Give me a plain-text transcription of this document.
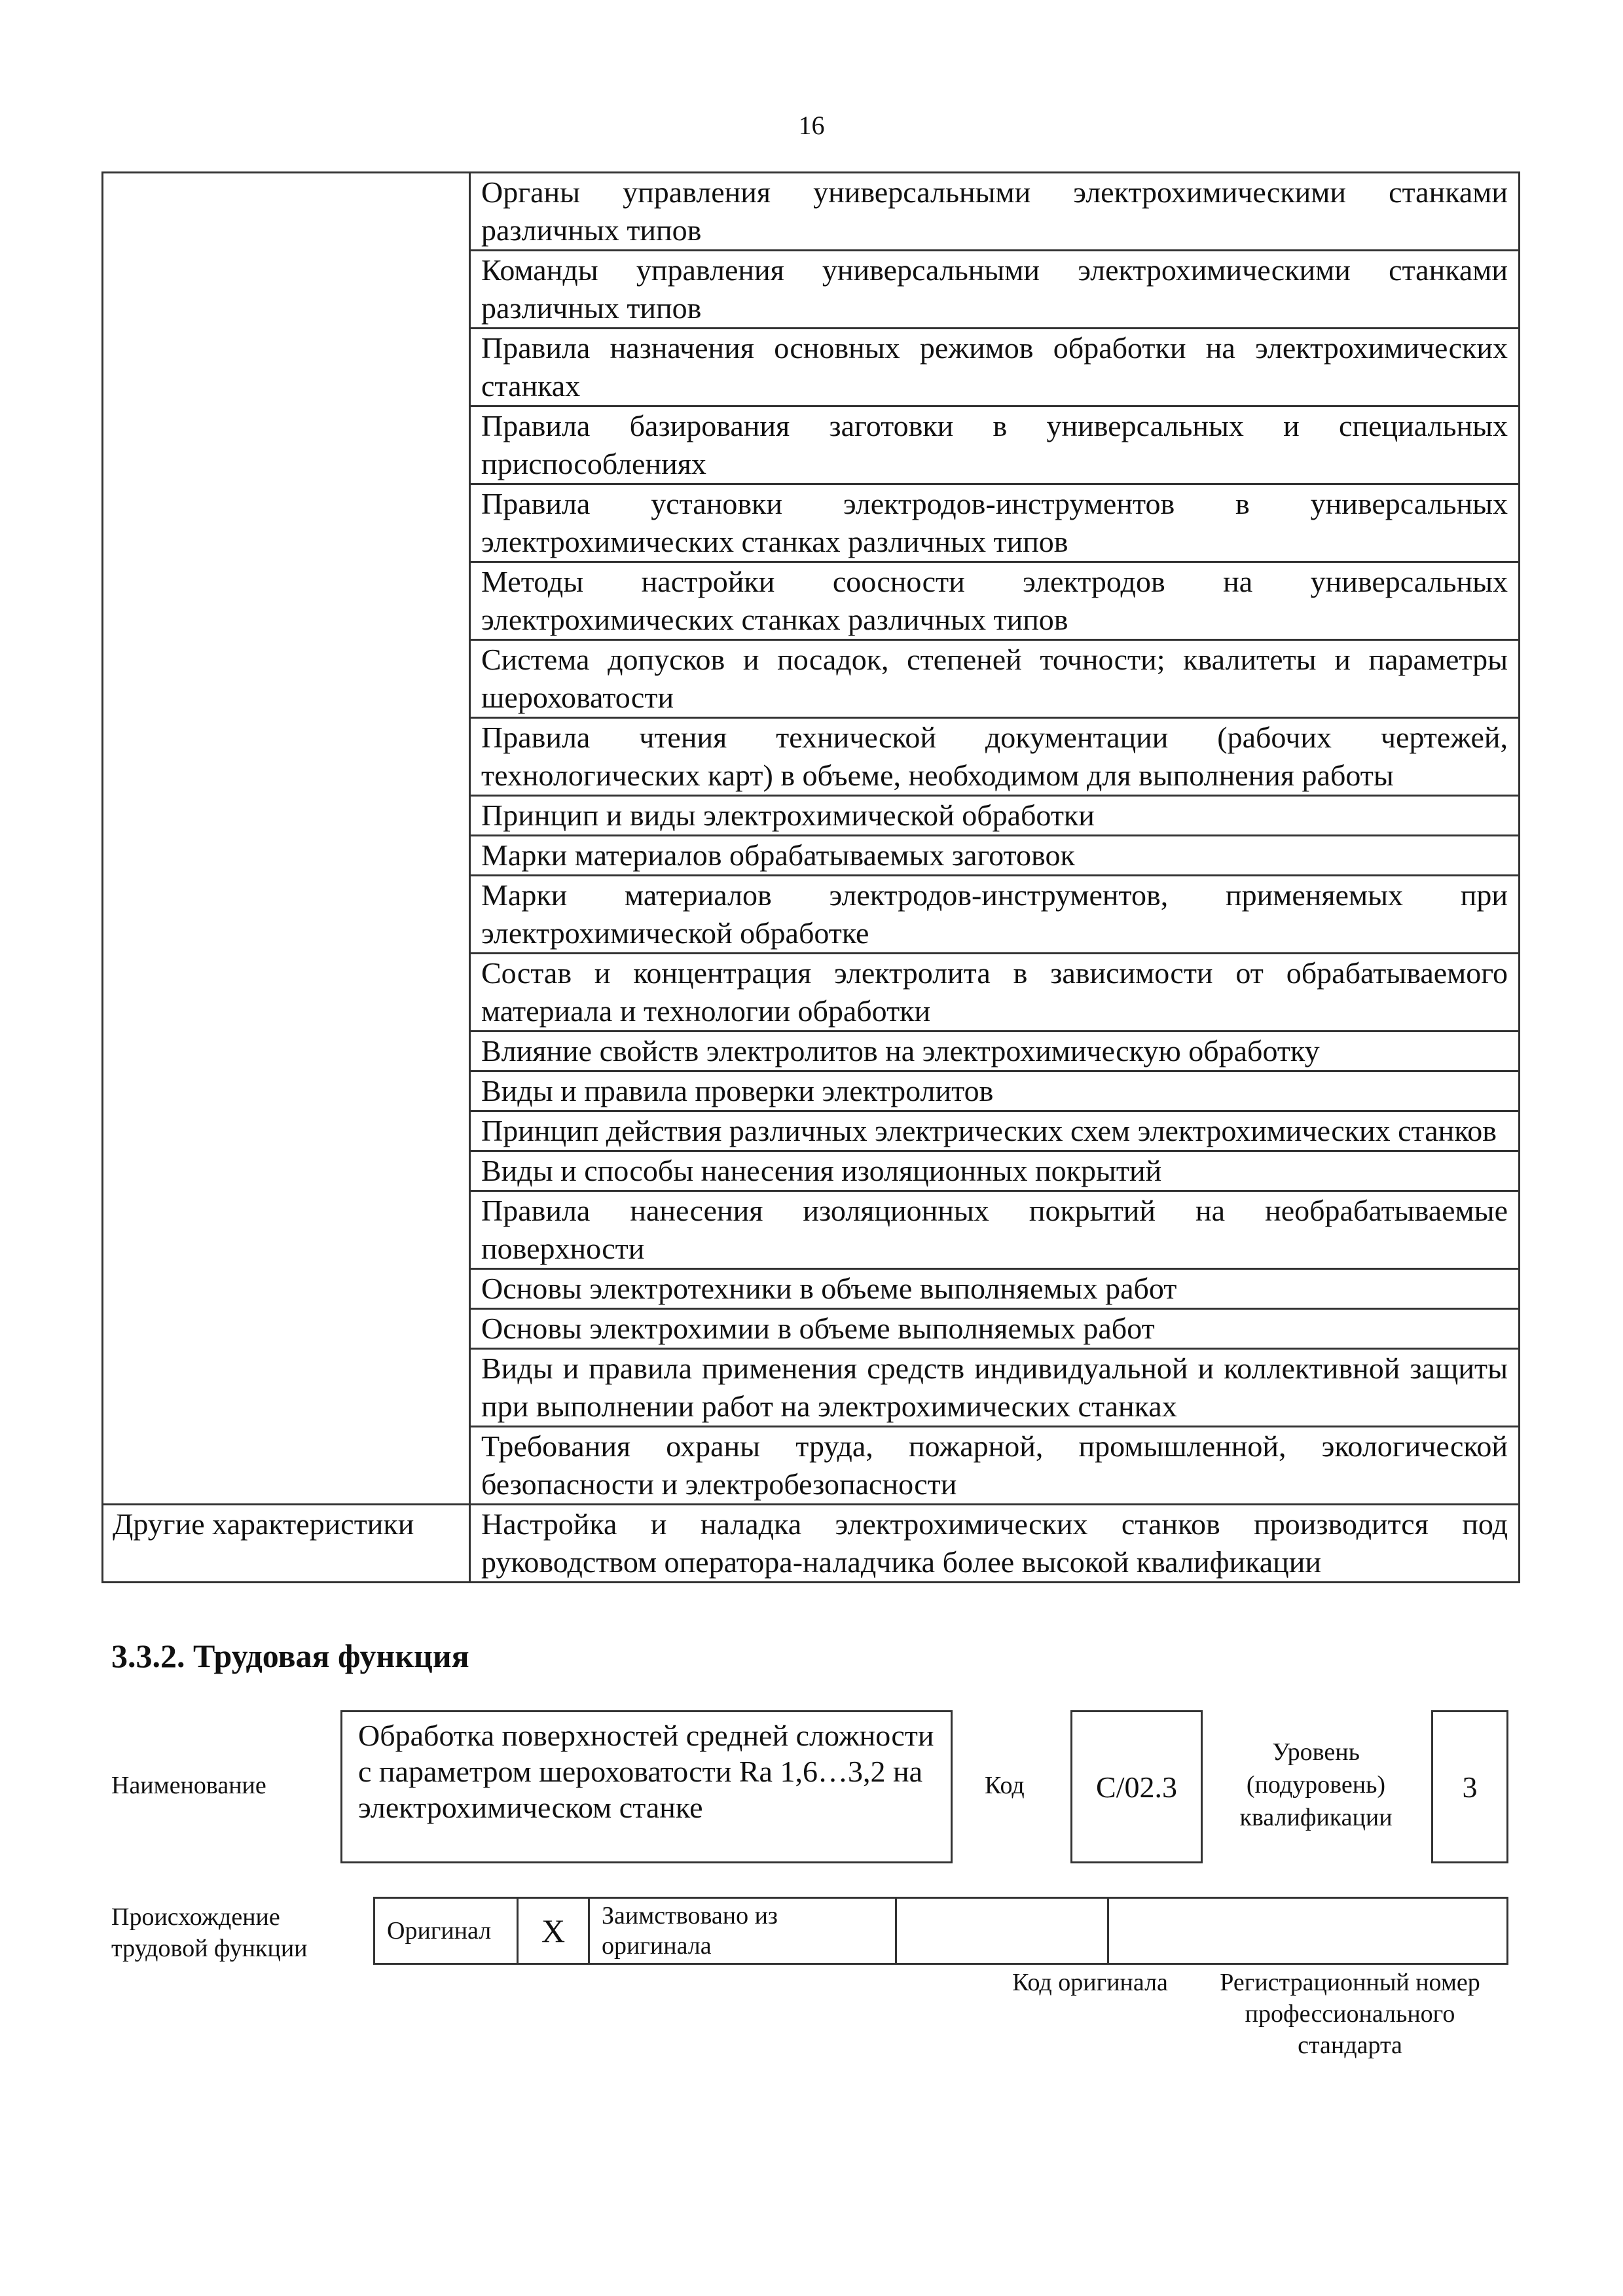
16
	Органы управления универсальными электрохимическими станками различных типов
	Команды управления универсальными электрохимическими станками различных типов
	Правила назначения основных режимов обработки на электрохимических станках
	Правила базирования заготовки в универсальных и специальных приспособлениях
	Правила установки электродов-инструментов в универсальных электрохимических станках различных типов
	Методы настройки соосности электродов на универсальных электрохимических станках различных типов
	Система допусков и посадок, степеней точности; квалитеты и параметры шероховатости
	Правила чтения технической документации (рабочих чертежей, технологических карт) в объеме, необходимом для выполнения работы
	Принцип и виды электрохимической обработки
	Марки материалов обрабатываемых заготовок
	Марки материалов электродов-инструментов, применяемых при электрохимической обработке
	Состав и концентрация электролита в зависимости от обрабатываемого материала и технологии обработки
	Влияние свойств электролитов на электрохимическую обработку
	Виды и правила проверки электролитов
	Принцип действия различных электрических схем электрохимических станков
	Виды и способы нанесения изоляционных покрытий
	Правила нанесения изоляционных покрытий на необрабатываемые поверхности
	Основы электротехники в объеме выполняемых работ
	Основы электрохимии в объеме выполняемых работ
	Виды и правила применения средств индивидуальной и коллективной защиты при выполнении работ на электрохимических станках
	Требования охраны труда, пожарной, промышленной, экологической безопасности и электробезопасности
Другие характеристики	Настройка и наладка электрохимических станков производится под руководством оператора-наладчика более высокой квалификации
3.3.2. Трудовая функция
Наименование
Обработка поверхностей средней сложности с параметром шероховатости Ra 1,6…3,2 на электрохимическом станке
Код	C/02.3
Уровень (подуровень) квалификации
3
Происхождение трудовой функции
Оригинал	X	Заимствовано из оригинала		
Код оригинала	Регистрационный номер профессионального стандарта
